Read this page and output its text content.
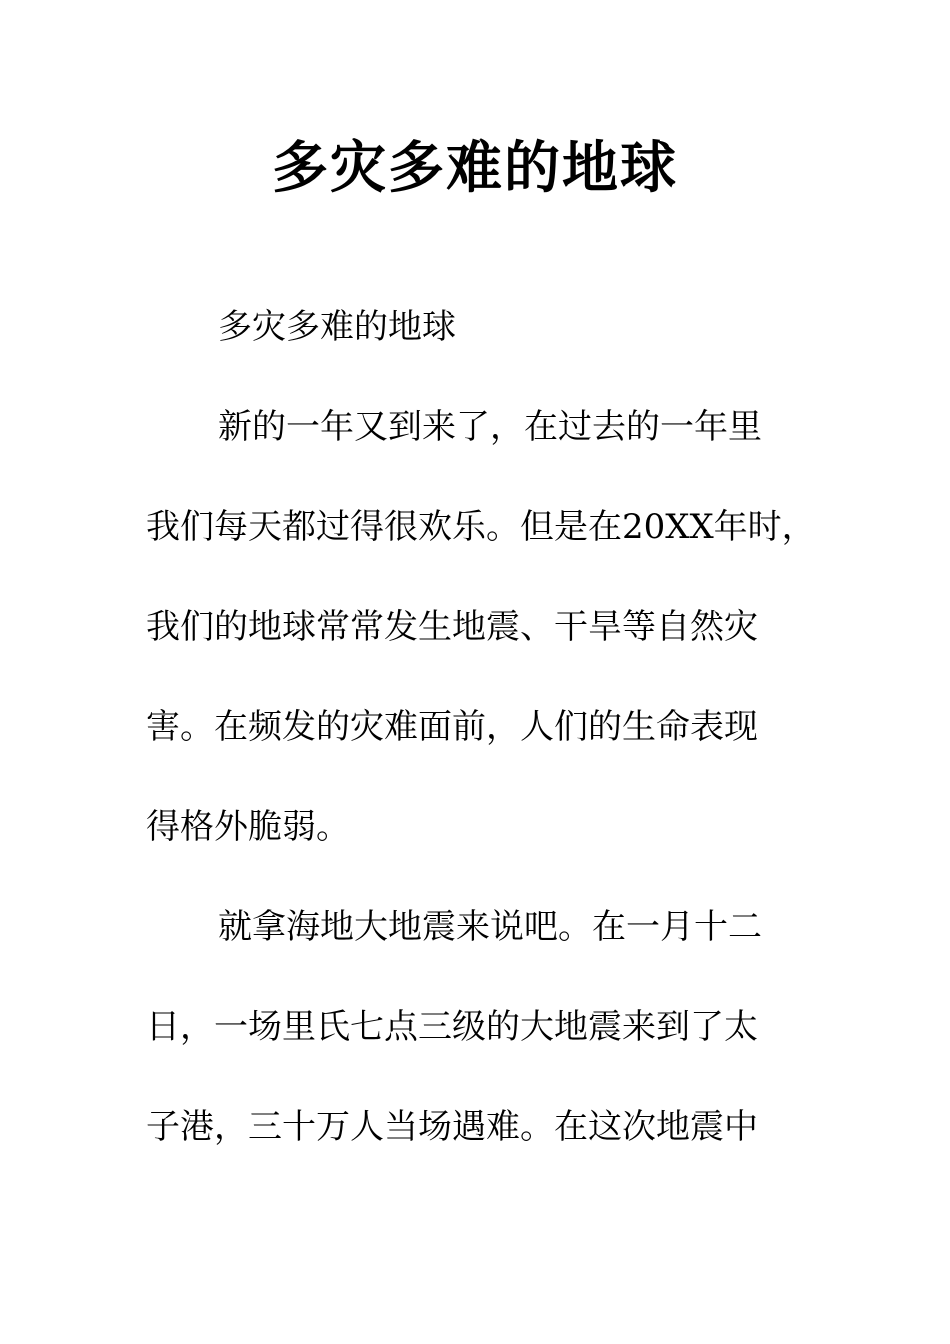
多灾多难的地球
多灾多难的地球
新的一年又到来了，在过去的一年里
我们每天都过得很欢乐。但是在20XX年时，
我们的地球常常发生地震、干旱等自然灾
害。在频发的灾难面前，人们的生命表现
得格外脆弱。
就拿海地大地震来说吧。在一月十二
日，一场里氏七点三级的大地震来到了太
子港，三十万人当场遇难。在这次地震中
